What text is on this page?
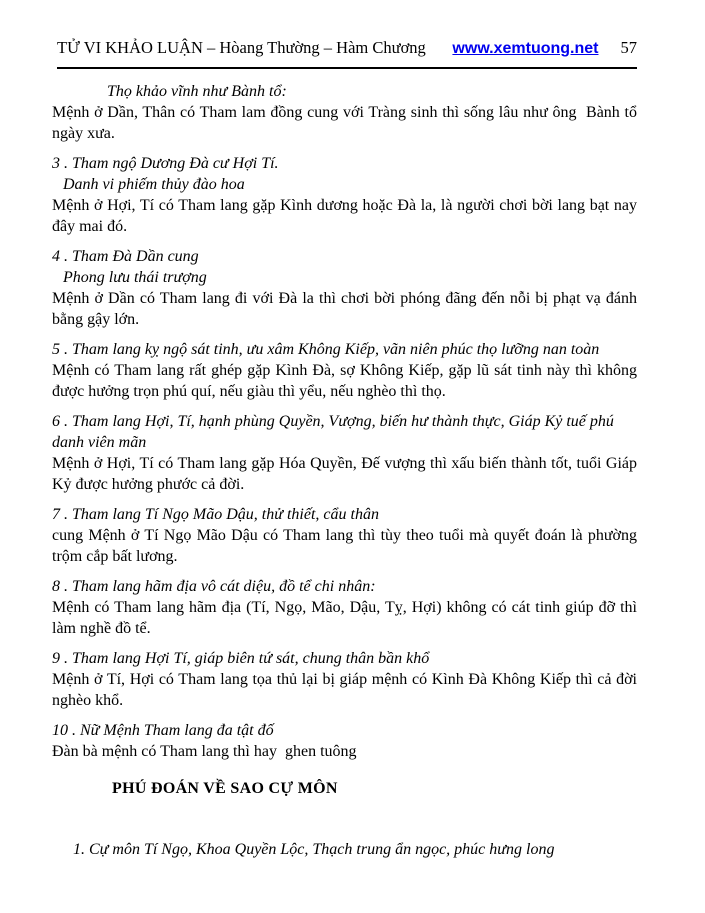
TỬ VI KHẢO LUẬN – Hòang Thường – Hàm Chương www.xemtuong.net 57
Thọ khảo vĩnh như Bành tổ:
Mệnh ở Dần, Thân có Tham lam đồng cung với Tràng sinh thì sống lâu như ông  Bành tổ ngày xưa.
3 . Tham ngộ Dương Đà cư Hợi Tí.
Danh vi phiếm thủy đào hoa
Mệnh ở Hợi, Tí có Tham lang gặp Kình dương hoặc Đà la, là người chơi bời lang bạt nay đây mai đó.
4 . Tham Đà Dần cung
Phong lưu thái trượng
Mệnh ở Dần có Tham lang đi với Đà la thì chơi bời phóng đãng đến nỗi bị phạt vạ đánh bằng gậy lớn.
5 . Tham lang kỵ ngộ sát tinh, ưu xâm Không Kiếp, vãn niên phúc thọ lưỡng nan toàn
Mệnh có Tham lang rất ghép gặp Kình Đà, sợ Không Kiếp, gặp lũ sát tinh này thì không được hưởng trọn phú quí, nếu giàu thì yểu, nếu nghèo thì thọ.
6 . Tham lang Hợi, Tí, hạnh phùng Quyền, Vượng, biến hư thành thực, Giáp Kỷ tuế phú danh viên mãn
Mệnh ở Hợi, Tí có Tham lang gặp Hóa Quyền, Đế vượng thì xấu biến thành tốt, tuổi Giáp Kỷ được hưởng phước cả đời.
7 . Tham lang Tí Ngọ Mão Dậu, thử thiết, cẩu thân
cung Mệnh ở Tí Ngọ Mão Dậu có Tham lang thì tùy theo tuổi mà quyết đoán là phường trộm cắp bất lương.
8 . Tham lang hãm địa vô cát diệu, đồ tể chi nhân:
Mệnh có Tham lang hãm địa (Tí, Ngọ, Mão, Dậu, Tỵ, Hợi) không có cát tinh giúp đỡ thì làm nghề đồ tể.
9 . Tham lang Hợi Tí, giáp biên tứ sát, chung thân bần khổ
Mệnh ở Tí, Hợi có Tham lang tọa thủ lại bị giáp mệnh có Kình Đà Không Kiếp thì cả đời nghèo khổ.
10 . Nữ Mệnh Tham lang đa tật đố
Đàn bà mệnh có Tham lang thì hay  ghen tuông
PHÚ ĐOÁN VỀ SAO CỰ MÔN
1. Cự môn Tí Ngọ, Khoa Quyền Lộc, Thạch trung ẩn ngọc, phúc hưng long
